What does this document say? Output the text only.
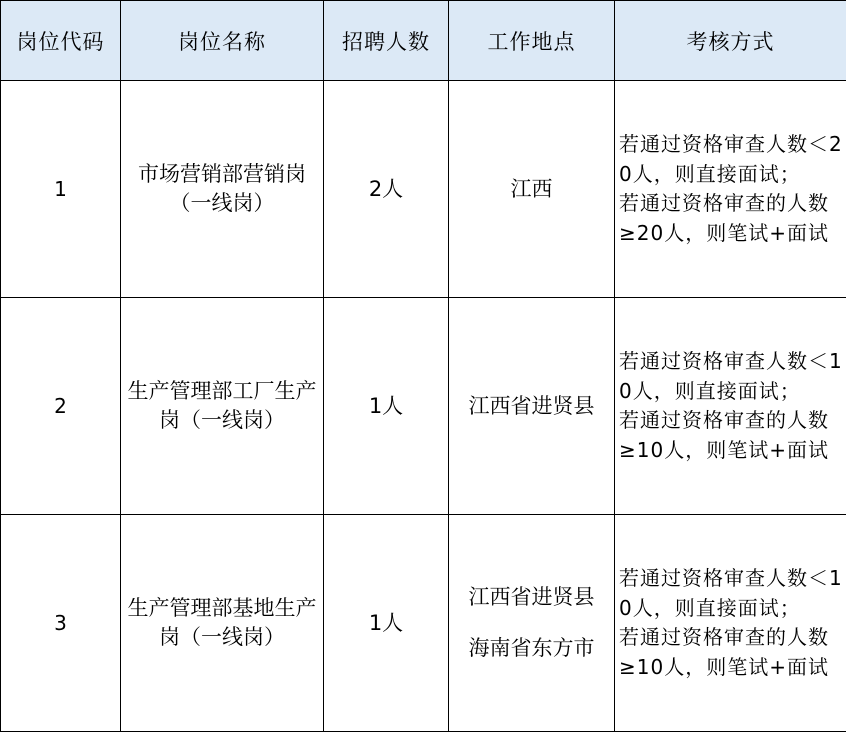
岗位代码	岗位名称	招聘人数	工作地点	考核方式
1	市场营销部营销岗（一线岗）	2人	江西	若通过资格审查人数＜20人，则直接面试；
若通过资格审查的人数≥20人，则笔试+面试

2	生产管理部工厂生产岗（一线岗）	1人	江西省进贤县	若通过资格审查人数＜10人，则直接面试；
若通过资格审查的人数≥10人，则笔试+面试

3	生产管理部基地生产岗（一线岗）	1人	江西省进贤县
海南省东方市	若通过资格审查人数＜10人，则直接面试；
若通过资格审查的人数≥10人，则笔试+面试
